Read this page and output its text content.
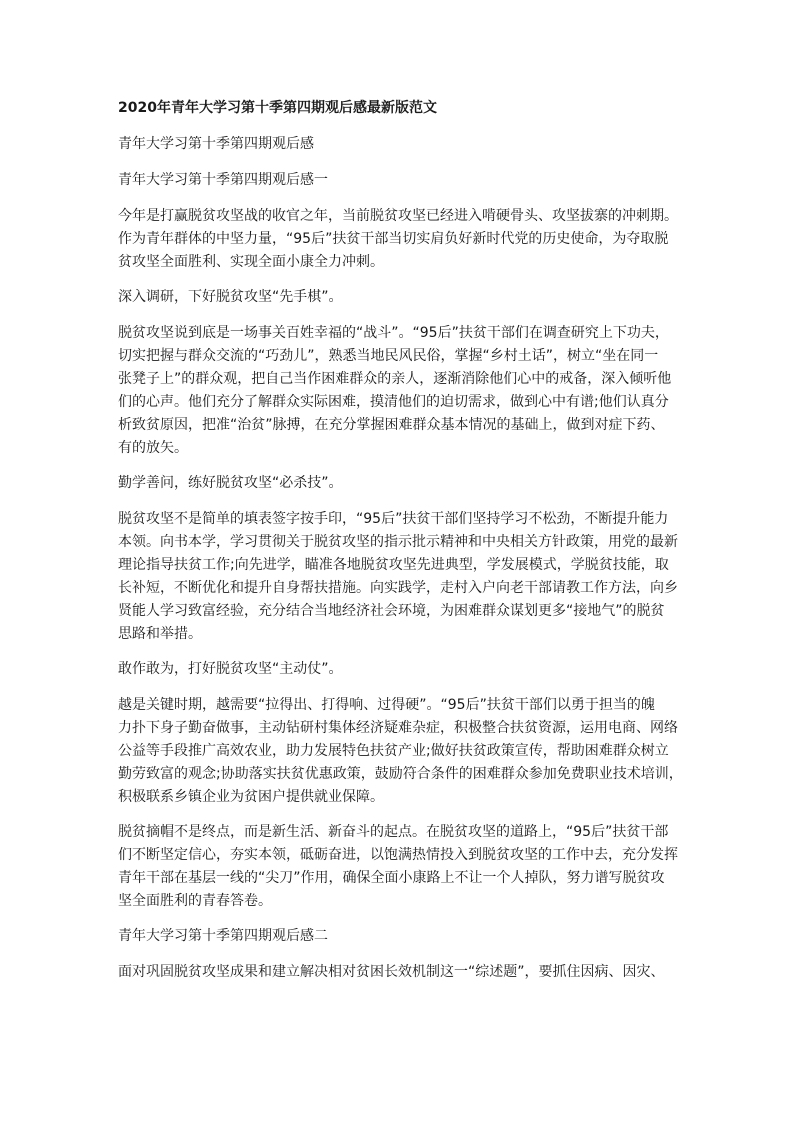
2020年青年大学习第十季第四期观后感最新版范文

青年大学习第十季第四期观后感

青年大学习第十季第四期观后感一

今年是打赢脱贫攻坚战的收官之年，当前脱贫攻坚已经进入啃硬骨头、攻坚拔寨的冲刺期。

作为青年群体的中坚力量，“95后”扶贫干部当切实肩负好新时代党的历史使命，为夺取脱

贫攻坚全面胜利、实现全面小康全力冲刺。

深入调研，下好脱贫攻坚“先手棋”。

脱贫攻坚说到底是一场事关百姓幸福的“战斗”。“95后”扶贫干部们在调查研究上下功夫，

切实把握与群众交流的“巧劲儿”，熟悉当地民风民俗，掌握“乡村土话”，树立“坐在同一

张凳子上”的群众观，把自己当作困难群众的亲人，逐渐消除他们心中的戒备，深入倾听他

们的心声。他们充分了解群众实际困难，摸清他们的迫切需求，做到心中有谱;他们认真分

析致贫原因，把准“治贫”脉搏，在充分掌握困难群众基本情况的基础上，做到对症下药、

有的放矢。

勤学善问，练好脱贫攻坚“必杀技”。

脱贫攻坚不是简单的填表签字按手印，“95后”扶贫干部们坚持学习不松劲，不断提升能力

本领。向书本学，学习贯彻关于脱贫攻坚的指示批示精神和中央相关方针政策，用党的最新

理论指导扶贫工作;向先进学，瞄准各地脱贫攻坚先进典型，学发展模式，学脱贫技能，取

长补短，不断优化和提升自身帮扶措施。向实践学，走村入户向老干部请教工作方法，向乡

贤能人学习致富经验，充分结合当地经济社会环境，为困难群众谋划更多“接地气”的脱贫

思路和举措。

敢作敢为，打好脱贫攻坚“主动仗”。

越是关键时期，越需要“拉得出、打得响、过得硬”。“95后”扶贫干部们以勇于担当的魄

力扑下身子勤奋做事，主动钻研村集体经济疑难杂症，积极整合扶贫资源，运用电商、网络

公益等手段推广高效农业，助力发展特色扶贫产业;做好扶贫政策宣传，帮助困难群众树立

勤劳致富的观念;协助落实扶贫优惠政策，鼓励符合条件的困难群众参加免费职业技术培训，

积极联系乡镇企业为贫困户提供就业保障。

脱贫摘帽不是终点，而是新生活、新奋斗的起点。在脱贫攻坚的道路上，“95后”扶贫干部

们不断坚定信心，夯实本领，砥砺奋进，以饱满热情投入到脱贫攻坚的工作中去，充分发挥

青年干部在基层一线的“尖刀”作用，确保全面小康路上不让一个人掉队，努力谱写脱贫攻

坚全面胜利的青春答卷。

青年大学习第十季第四期观后感二

面对巩固脱贫攻坚成果和建立解决相对贫困长效机制这一“综述题”，要抓住因病、因灾、
